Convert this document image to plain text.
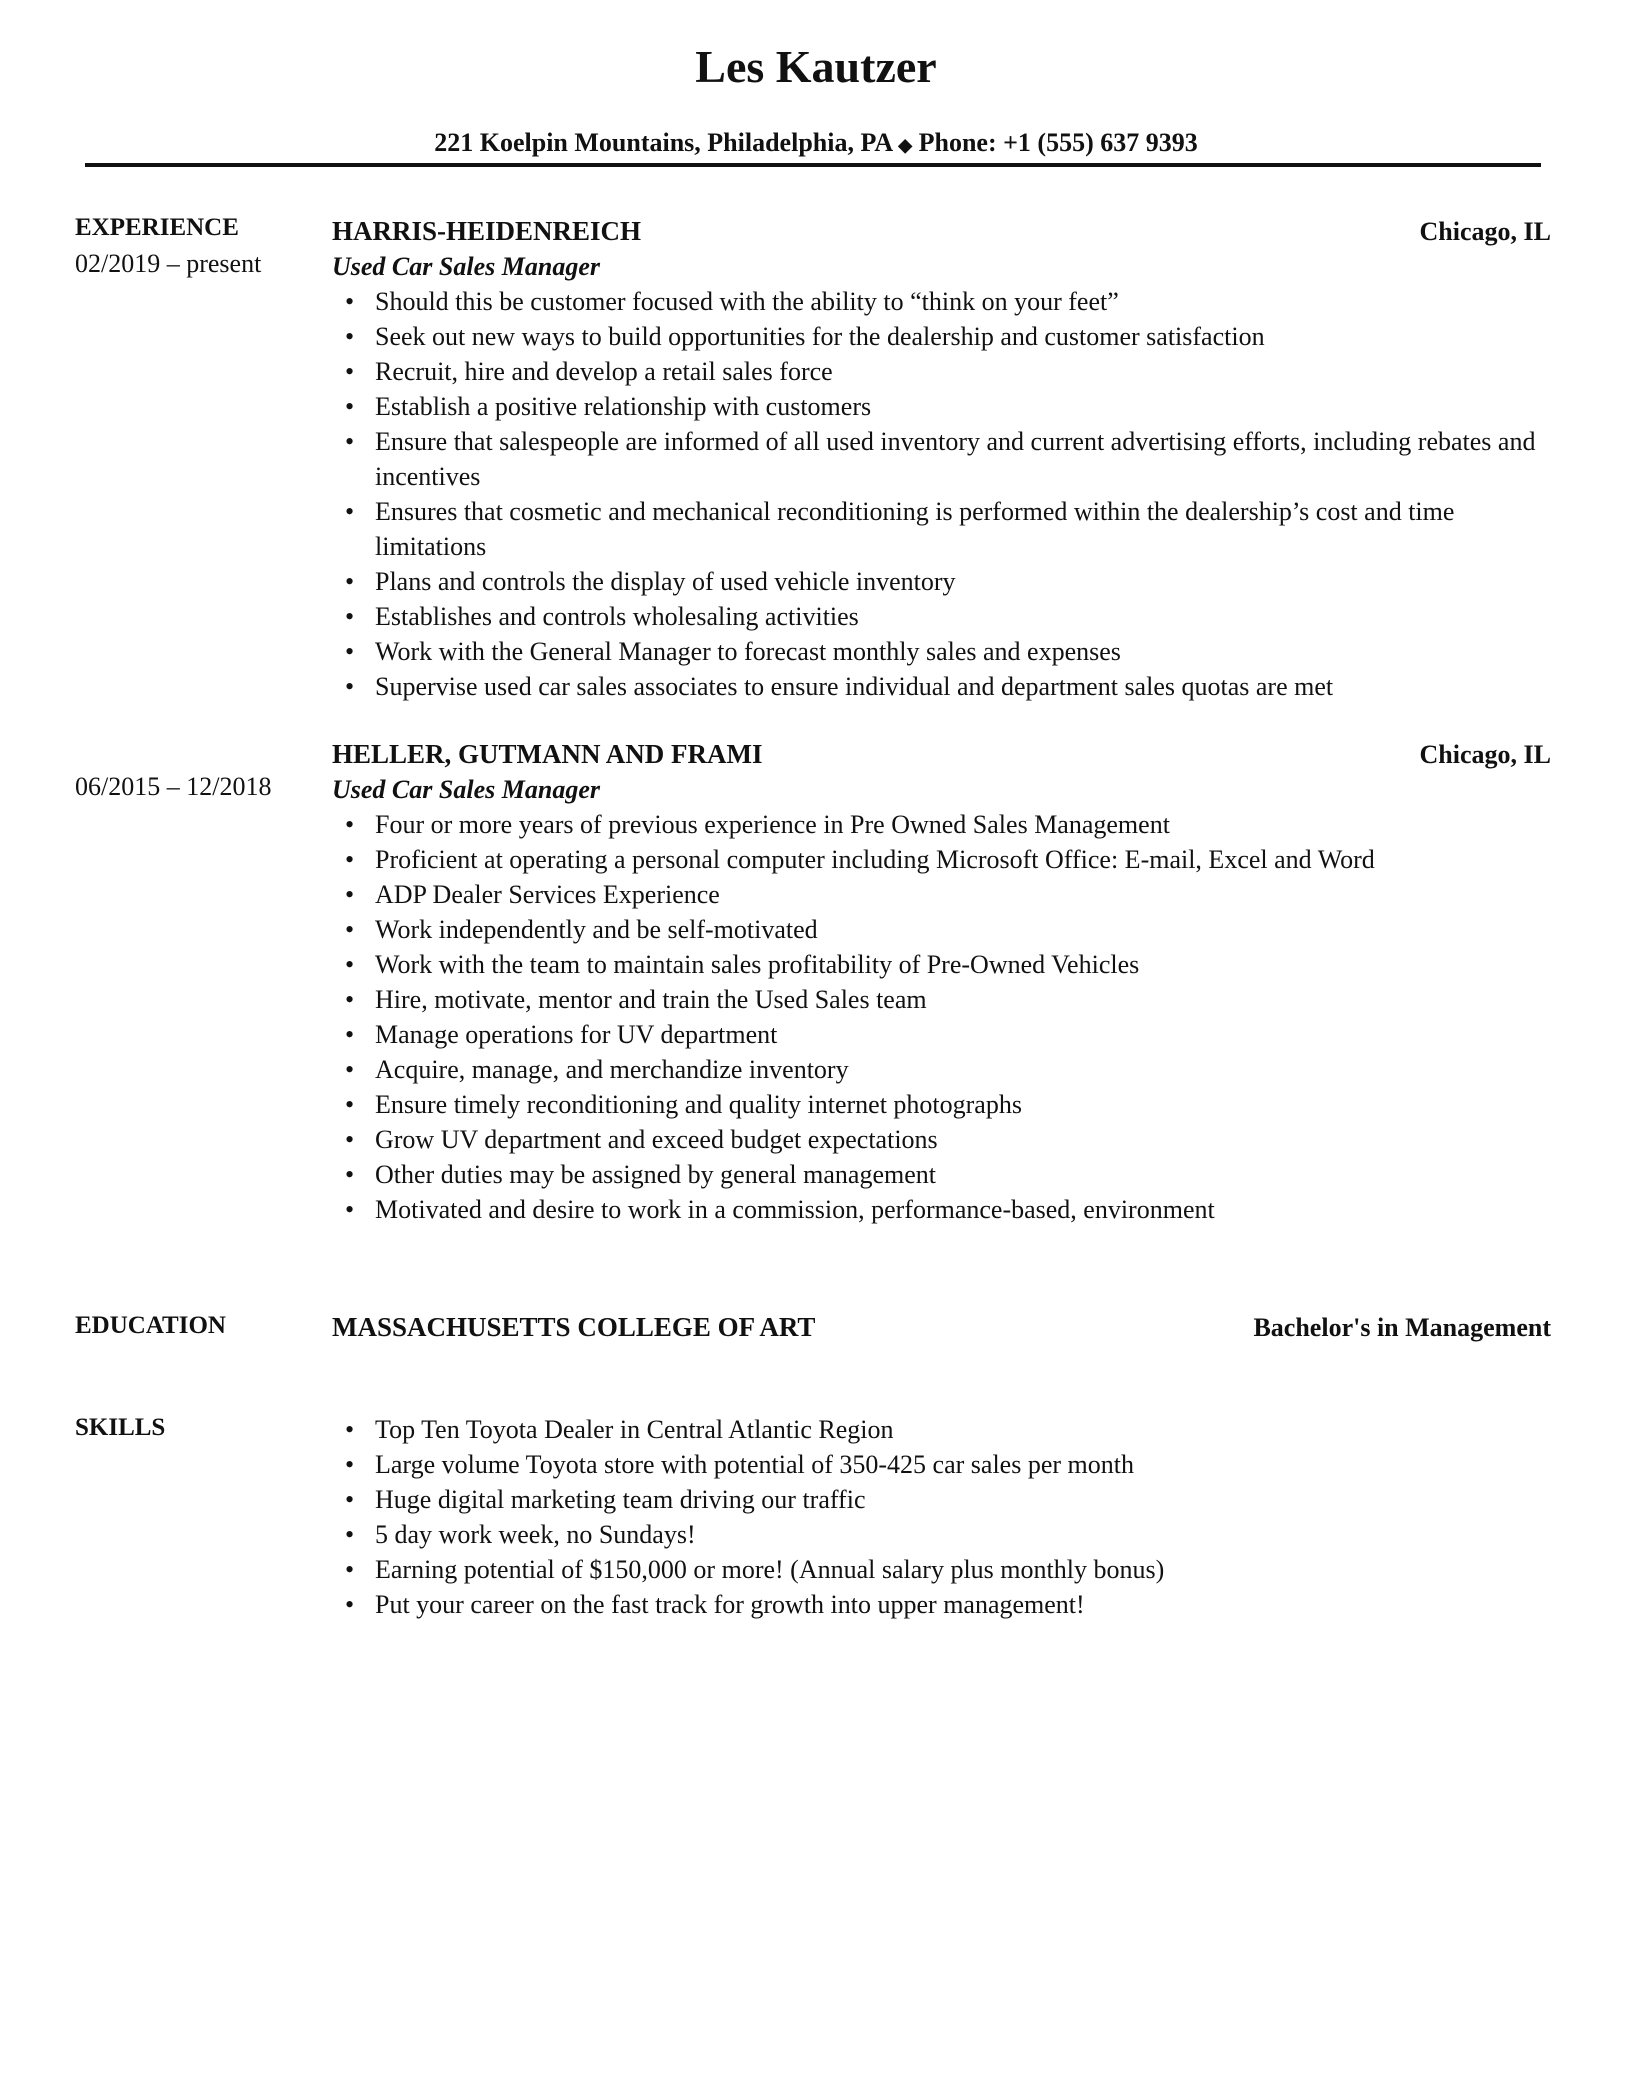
Les Kautzer
221 Koelpin Mountains, Philadelphia, PA ◆ Phone: +1 (555) 637 9393
EXPERIENCE
02/2019 – present
HARRIS-HEIDENREICH	Chicago, IL
Used Car Sales Manager
• Should this be customer focused with the ability to “think on your feet”
• Seek out new ways to build opportunities for the dealership and customer satisfaction
• Recruit, hire and develop a retail sales force
• Establish a positive relationship with customers
• Ensure that salespeople are informed of all used inventory and current advertising efforts, including rebates and incentives
• Ensures that cosmetic and mechanical reconditioning is performed within the dealership’s cost and time limitations
• Plans and controls the display of used vehicle inventory
• Establishes and controls wholesaling activities
• Work with the General Manager to forecast monthly sales and expenses
• Supervise used car sales associates to ensure individual and department sales quotas are met
06/2015 – 12/2018
HELLER, GUTMANN AND FRAMI	Chicago, IL
Used Car Sales Manager
• Four or more years of previous experience in Pre Owned Sales Management
• Proficient at operating a personal computer including Microsoft Office: E-mail, Excel and Word
• ADP Dealer Services Experience
• Work independently and be self-motivated
• Work with the team to maintain sales profitability of Pre-Owned Vehicles
• Hire, motivate, mentor and train the Used Sales team
• Manage operations for UV department
• Acquire, manage, and merchandize inventory
• Ensure timely reconditioning and quality internet photographs
• Grow UV department and exceed budget expectations
• Other duties may be assigned by general management
• Motivated and desire to work in a commission, performance-based, environment
EDUCATION	MASSACHUSETTS COLLEGE OF ART	Bachelor's in Management
SKILLS	• Top Ten Toyota Dealer in Central Atlantic Region
• Large volume Toyota store with potential of 350-425 car sales per month
• Huge digital marketing team driving our traffic
• 5 day work week, no Sundays!
• Earning potential of $150,000 or more! (Annual salary plus monthly bonus)
• Put your career on the fast track for growth into upper management!
